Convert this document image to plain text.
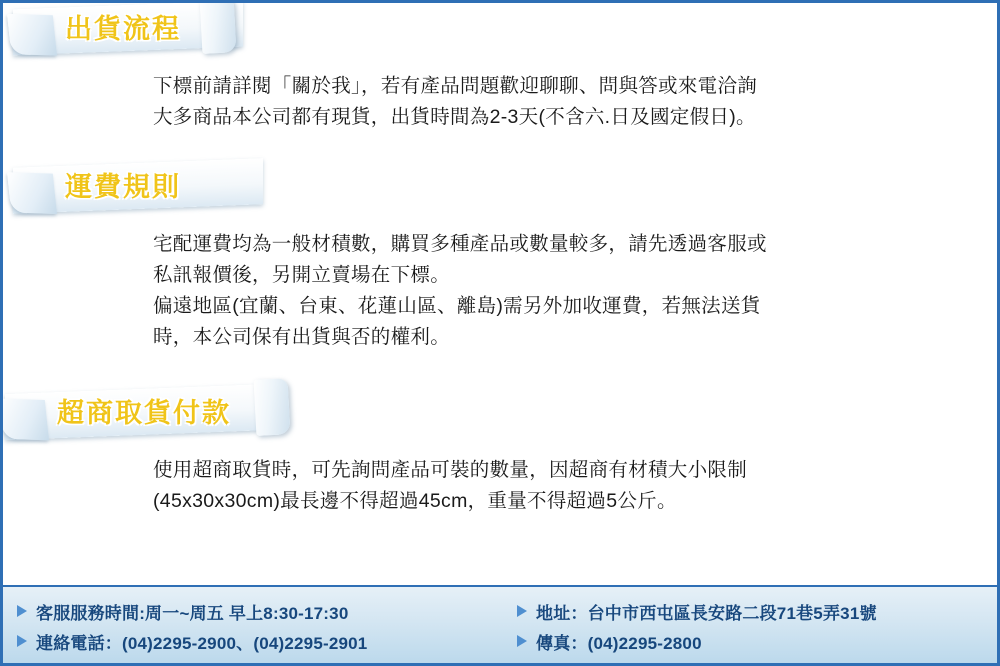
出貨流程

下標前請詳閱「關於我」，若有產品問題歡迎聊聊、問與答或來電洽詢

大多商品本公司都有現貨，出貨時間為2-3天(不含六.日及國定假日)。

運費規則

宅配運費均為一般材積數，購買多種產品或數量較多，請先透過客服或

私訊報價後，另開立賣場在下標。

偏遠地區(宜蘭、台東、花蓮山區、離島)需另外加收運費，若無法送貨

時，本公司保有出貨與否的權利。

超商取貨付款

使用超商取貨時，可先詢問產品可裝的數量，因超商有材積大小限制

(45x30x30cm)最長邊不得超過45cm，重量不得超過5公斤。

客服服務時間:周一~周五 早上8:30-17:30	地址：台中市西屯區長安路二段71巷5弄31號
連絡電話：(04)2295-2900、(04)2295-2901	傳真：(04)2295-2800
